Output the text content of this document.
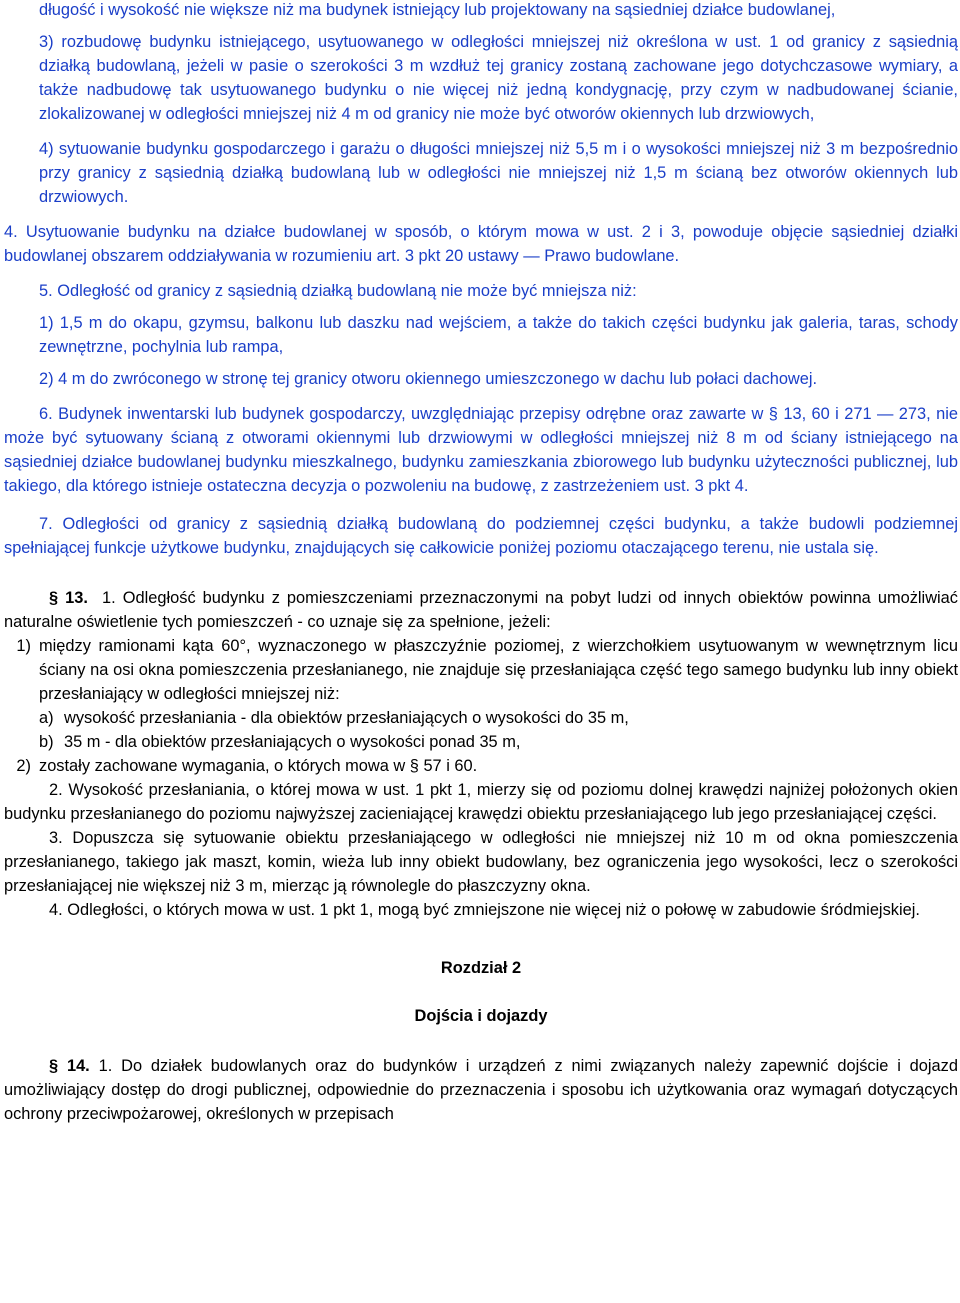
długość i wysokość nie większe niż ma budynek istniejący lub projektowany na sąsiedniej działce budowlanej,

3) rozbudowę budynku istniejącego, usytuowanego w odległości mniejszej niż określona w ust. 1 od granicy z sąsiednią działką budowlaną, jeżeli w pasie o szerokości 3 m wzdłuż tej granicy zostaną zachowane jego dotychczasowe wymiary, a także nadbudowę tak usytuowanego budynku o nie więcej niż jedną kondygnację, przy czym w nadbudowanej ścianie, zlokalizowanej w odległości mniejszej niż 4 m od granicy nie może być otworów okiennych lub drzwiowych,

4) sytuowanie budynku gospodarczego i garażu o długości mniejszej niż 5,5 m i o wysokości mniejszej niż 3 m bezpośrednio przy granicy z sąsiednią działką budowlaną lub w odległości nie mniejszej niż 1,5 m ścianą bez otworów okiennych lub drzwiowych.

4. Usytuowanie budynku na działce budowlanej w sposób, o którym mowa w ust. 2 i 3, powoduje objęcie sąsiedniej działki budowlanej obszarem oddziaływania w rozumieniu art. 3 pkt 20 ustawy — Prawo budowlane.

5. Odległość od granicy z sąsiednią działką budowlaną nie może być mniejsza niż:

1) 1,5 m do okapu, gzymsu, balkonu lub daszku nad wejściem, a także do takich części budynku jak galeria, taras, schody zewnętrzne, pochylnia lub rampa,

2) 4 m do zwróconego w stronę tej granicy otworu okiennego umieszczonego w dachu lub połaci dachowej.

6. Budynek inwentarski lub budynek gospodarczy, uwzględniając przepisy odrębne oraz zawarte w § 13, 60 i 271 — 273, nie może być sytuowany ścianą z otworami okiennymi lub drzwiowymi w odległości mniejszej niż 8 m od ściany istniejącego na sąsiedniej działce budowlanej budynku mieszkalnego, budynku zamieszkania zbiorowego lub budynku użyteczności publicznej, lub takiego, dla którego istnieje ostateczna decyzja o pozwoleniu na budowę, z zastrzeżeniem ust. 3 pkt 4.

7. Odległości od granicy z sąsiednią działką budowlaną do podziemnej części budynku, a także budowli podziemnej spełniającej funkcje użytkowe budynku, znajdujących się całkowicie poniżej poziomu otaczającego terenu, nie ustala się.

§ 13. 1. Odległość budynku z pomieszczeniami przeznaczonymi na pobyt ludzi od innych obiektów powinna umożliwiać naturalne oświetlenie tych pomieszczeń - co uznaje się za spełnione, jeżeli:

1) między ramionami kąta 60°, wyznaczonego w płaszczyźnie poziomej, z wierzchołkiem usytuowanym w wewnętrznym licu ściany na osi okna pomieszczenia przesłanianego, nie znajduje się przesłaniająca część tego samego budynku lub inny obiekt przesłaniający w odległości mniejszej niż:
a) wysokość przesłaniania - dla obiektów przesłaniających o wysokości do 35 m,
b) 35 m - dla obiektów przesłaniających o wysokości ponad 35 m,
2) zostały zachowane wymagania, o których mowa w § 57 i 60.

2. Wysokość przesłaniania, o której mowa w ust. 1 pkt 1, mierzy się od poziomu dolnej krawędzi najniżej położonych okien budynku przesłanianego do poziomu najwyższej zacieniającej krawędzi obiektu przesłaniającego lub jego przesłaniającej części.

3. Dopuszcza się sytuowanie obiektu przesłaniającego w odległości nie mniejszej niż 10 m od okna pomieszczenia przesłanianego, takiego jak maszt, komin, wieża lub inny obiekt budowlany, bez ograniczenia jego wysokości, lecz o szerokości przesłaniającej nie większej niż 3 m, mierząc ją równolegle do płaszczyzny okna.

4. Odległości, o których mowa w ust. 1 pkt 1, mogą być zmniejszone nie więcej niż o połowę w zabudowie śródmiejskiej.

Rozdział 2

Dojścia i dojazdy

§ 14. 1. Do działek budowlanych oraz do budynków i urządzeń z nimi związanych należy zapewnić dojście i dojazd umożliwiający dostęp do drogi publicznej, odpowiednie do przeznaczenia i sposobu ich użytkowania oraz wymagań dotyczących ochrony przeciwpożarowej, określonych w przepisach
